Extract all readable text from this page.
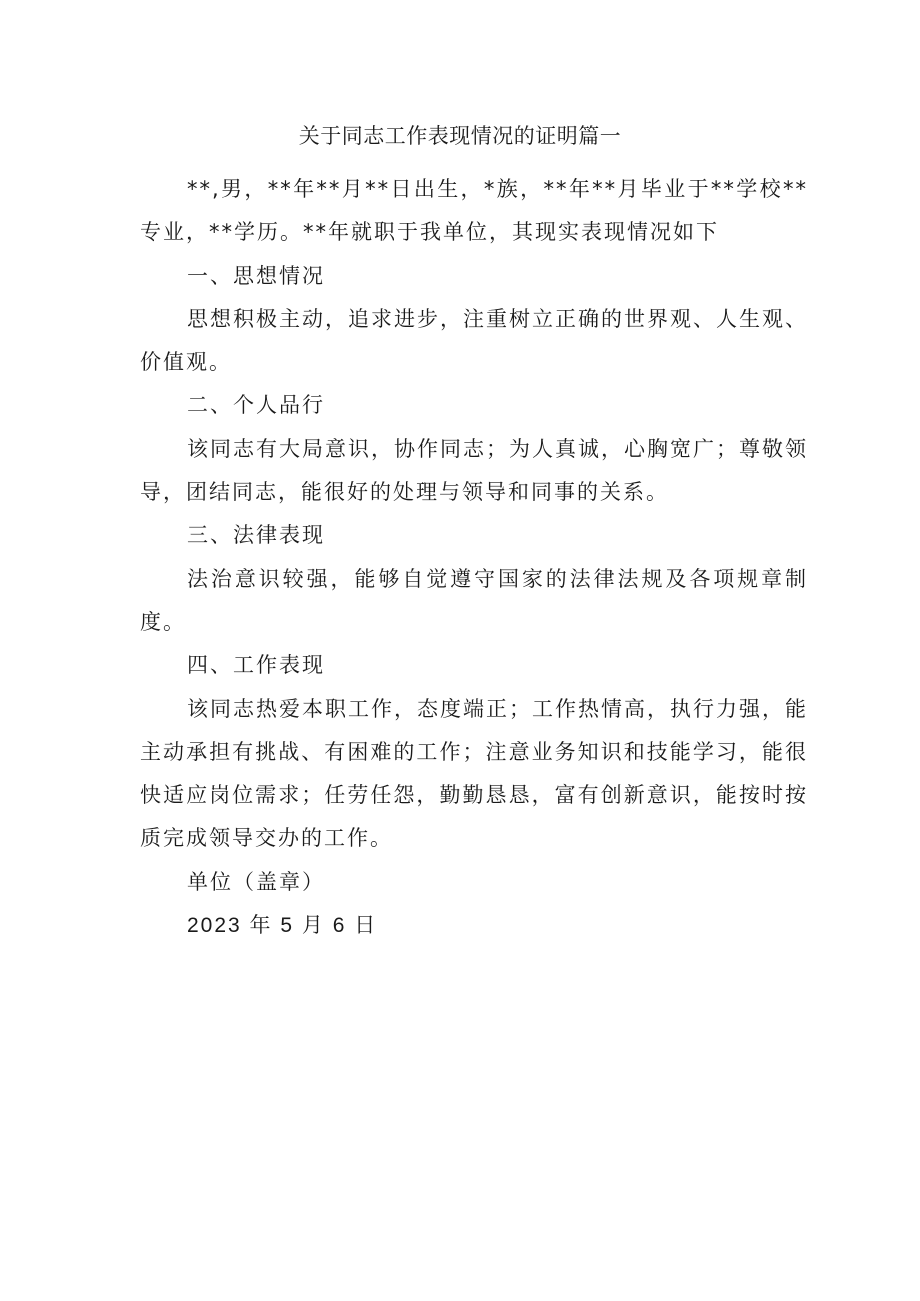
关于同志工作表现情况的证明篇一

**,男，**年**月**日出生，*族，**年**月毕业于**学校**专业，**学历。**年就职于我单位，其现实表现情况如下

一、思想情况

思想积极主动，追求进步，注重树立正确的世界观、人生观、价值观。

二、个人品行

该同志有大局意识，协作同志；为人真诚，心胸宽广；尊敬领导，团结同志，能很好的处理与领导和同事的关系。

三、法律表现

法治意识较强，能够自觉遵守国家的法律法规及各项规章制度。

四、工作表现

该同志热爱本职工作，态度端正；工作热情高，执行力强，能主动承担有挑战、有困难的工作；注意业务知识和技能学习，能很快适应岗位需求；任劳任怨，勤勤恳恳，富有创新意识，能按时按质完成领导交办的工作。

单位（盖章）

2023 年 5 月 6 日
